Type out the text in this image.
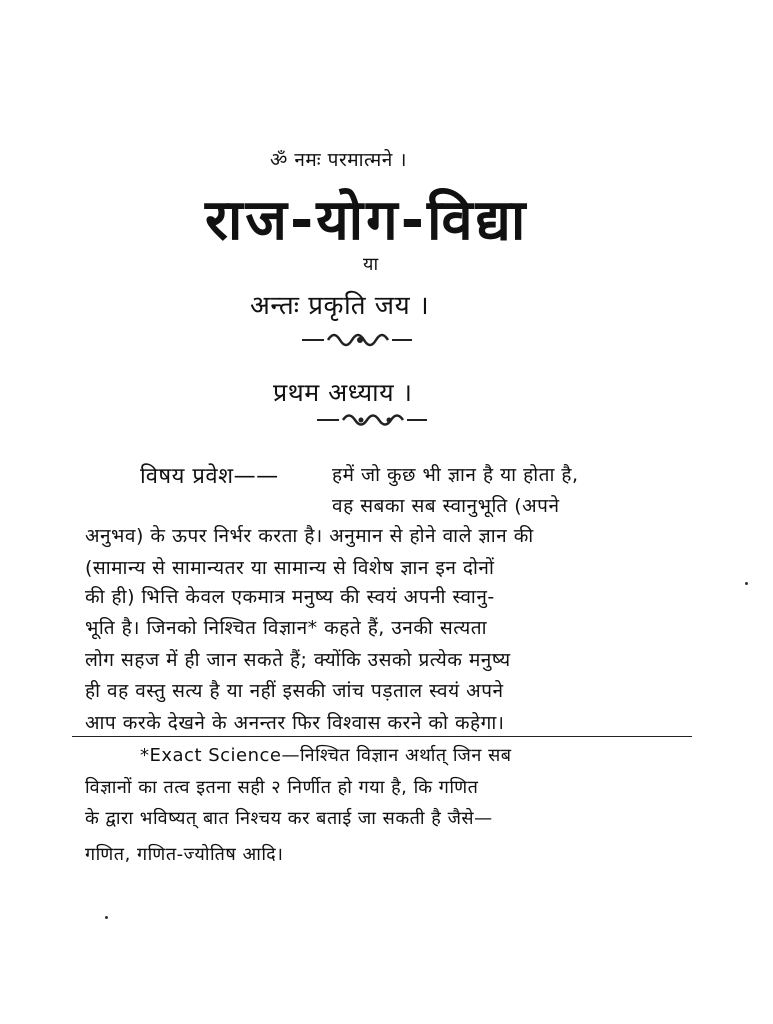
ॐ नमः परमात्मने ।
राज-योग-विद्या
या
अन्तः प्रकृति जय ।
प्रथम अध्याय ।
विषय प्रवेश——	हमें जो कुछ भी ज्ञान है या होता है,
वह सबका सब स्वानुभूति (अपने
अनुभव) के ऊपर निर्भर करता है। अनुमान से होने वाले ज्ञान की
(सामान्य से सामान्यतर या सामान्य से विशेष ज्ञान इन दोनों
की ही) भित्ति केवल एकमात्र मनुष्य की स्वयं अपनी स्वानु-
भूति है। जिनको निश्चित विज्ञान* कहते हैं, उनकी सत्यता
लोग सहज में ही जान सकते हैं; क्योंकि उसको प्रत्येक मनुष्य
ही वह वस्तु सत्य है या नहीं इसकी जांच पड़ताल स्वयं अपने
आप करके देखने के अनन्तर फिर विश्वास करने को कहेगा।
*Exact Science—निश्चित विज्ञान अर्थात् जिन सब
विज्ञानों का तत्व इतना सही २ निर्णीत हो गया है, कि गणित
के द्वारा भविष्यत् बात निश्चय कर बताई जा सकती है जैसे—
गणित, गणित-ज्योतिष आदि।
